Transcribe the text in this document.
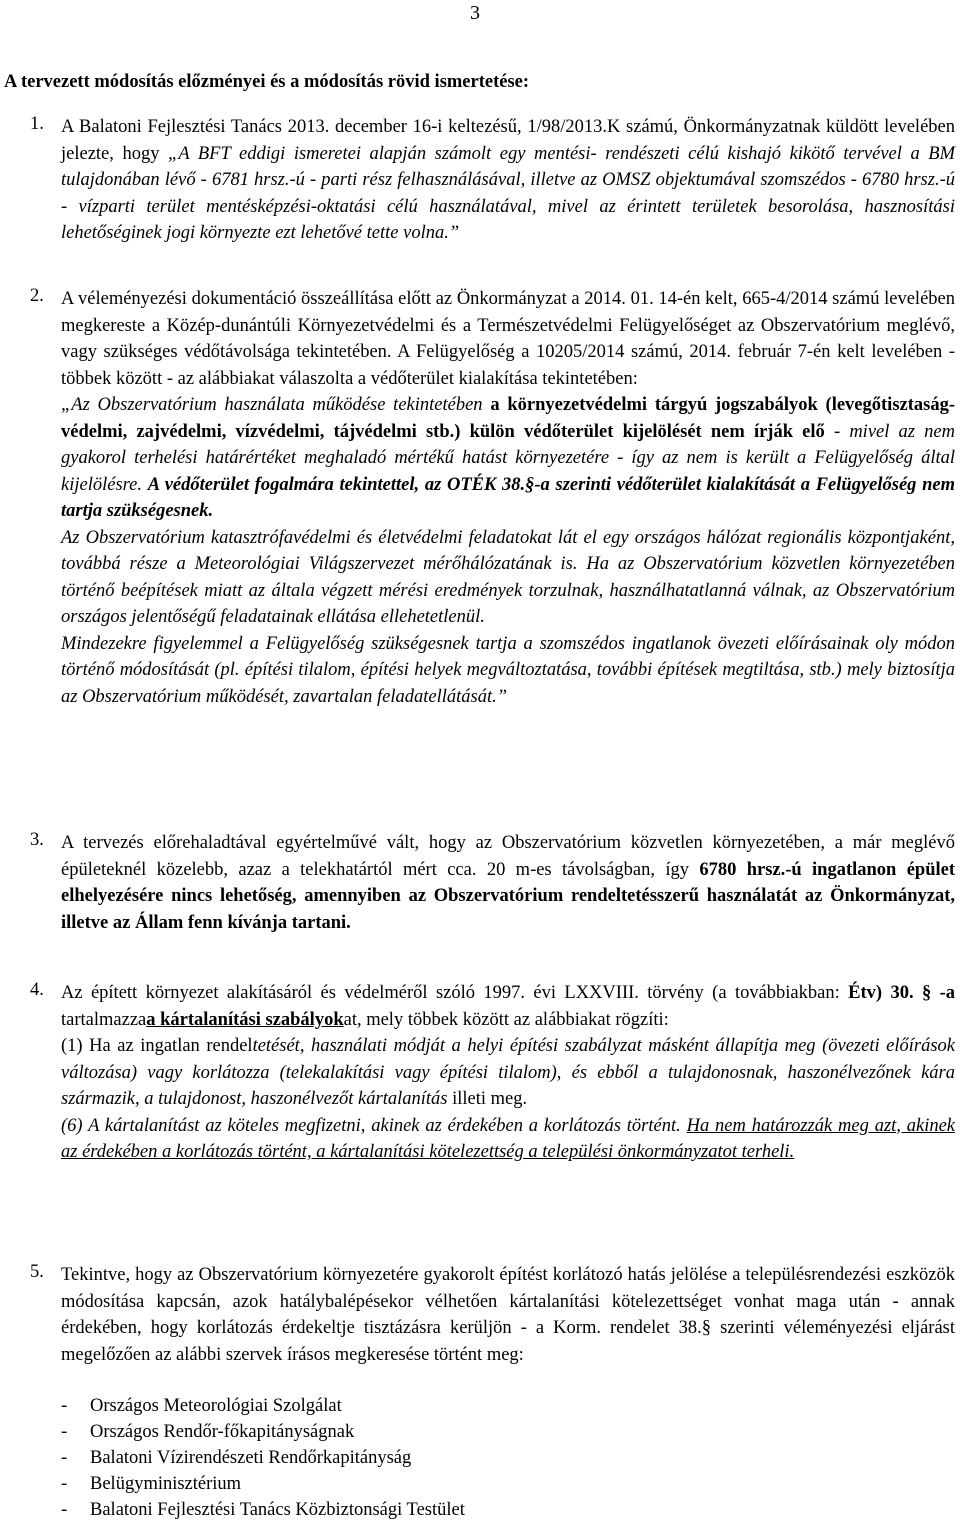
3
A tervezett módosítás előzményei és a módosítás rövid ismertetése:
1. A Balatoni Fejlesztési Tanács 2013. december 16-i keltezésű, 1/98/2013.K számú, Önkormányzatnak küldött levelében jelezte, hogy „A BFT eddigi ismeretei alapján számolt egy mentési- rendészeti célú kishajó kikötő tervével a BM tulajdonában lévő - 6781 hrsz.-ú - parti rész felhasználásával, illetve az OMSZ objektumával szomszédos - 6780 hrsz.-ú - vízparti terület mentésképzési-oktatási célú használatával, mivel az érintett területek besorolása, hasznosítási lehetőséginek jogi környezte ezt lehetővé tette volna.”
2. A véleményezési dokumentáció összeállítása előtt az Önkormányzat a 2014. 01. 14-én kelt, 665-4/2014 számú levelében megkereste a Közép-dunántúli Környezetvédelmi és a Természetvédelmi Felügyelőséget az Obszervatórium meglévő, vagy szükséges védőtávolsága tekintetében. A Felügyelőség a 10205/2014 számú, 2014. február 7-én kelt levelében - többek között - az alábbiakat válaszolta a védőterület kialakítása tekintetében:
„Az Obszervatórium használata működése tekintetében a környezetvédelmi tárgyú jogszabályok (levegőtisztaság-védelmi, zajvédelmi, vízvédelmi, tájvédelmi stb.) külön védőterület kijelölését nem írják elő - mivel az nem gyakorol terhelési határértéket meghaladó mértékű hatást környezetére - így az nem is került a Felügyelőség által kijelölésre. A védőterület fogalmára tekintettel, az OTÉK 38.§-a szerinti védőterület kialakítását a Felügyelőség nem tartja szükségesnek.
Az Obszervatórium katasztrófavédelmi és életvédelmi feladatokat lát el egy országos hálózat regionális központjaként, továbbá része a Meteorológiai Világszervezet mérőhálózatának is. Ha az Obszervatórium közvetlen környezetében történő beépítések miatt az általa végzett mérési eredmények torzulnak, használhatatlanná válnak, az Obszervatórium országos jelentőségű feladatainak ellátása ellehetetlenül.
Mindezekre figyelemmel a Felügyelőség szükségesnek tartja a szomszédos ingatlanok övezeti előírásainak oly módon történő módosítását (pl. építési tilalom, építési helyek megváltoztatása, további építések megtiltása, stb.) mely biztosítja az Obszervatórium működését, zavartalan feladatellátását.”
3. A tervezés előrehaladtával egyértelművé vált, hogy az Obszervatórium közvetlen környezetében, a már meglévő épületeknél közelebb, azaz a telekhatártól mért cca. 20 m-es távolságban, így 6780 hrsz.-ú ingatlanon épület elhelyezésére nincs lehetőség, amennyiben az Obszervatórium rendeltetésszerű használatát az Önkormányzat, illetve az Állam fenn kívánja tartani.
4. Az épített környezet alakításáról és védelméről szóló 1997. évi LXXVIII. törvény (a továbbiakban: Étv) 30. § -a tartalmazzaa kártalanítási szabályokat, mely többek között az alábbiakat rögzíti:
(1) Ha az ingatlan rendeltetését, használati módját a helyi építési szabályzat másként állapítja meg (övezeti előírások változása) vagy korlátozza (telekalakítási vagy építési tilalom), és ebből a tulajdonosnak, haszonélvezőnek kára származik, a tulajdonost, haszonélvezőt kártalanítás illeti meg.
(6) A kártalanítást az köteles megfizetni, akinek az érdekében a korlátozás történt. Ha nem határozzák meg azt, akinek az érdekében a korlátozás történt, a kártalanítási kötelezettség a települési önkormányzatot terheli.
5. Tekintve, hogy az Obszervatórium környezetére gyakorolt építést korlátozó hatás jelölése a településrendezési eszközök módosítása kapcsán, azok hatálybalépésekor vélhetően kártalanítási kötelezettséget vonhat maga után - annak érdekében, hogy korlátozás érdekeltje tisztázásra kerüljön - a Korm. rendelet 38.§ szerinti véleményezési eljárást megelőzően az alábbi szervek írásos megkeresése történt meg:
- Országos Meteorológiai Szolgálat
- Országos Rendőr-főkapitányságnak
- Balatoni Vízirendészeti Rendőrkapitányság
- Belügyminisztérium
- Balatoni Fejlesztési Tanács Közbiztonsági Testület
